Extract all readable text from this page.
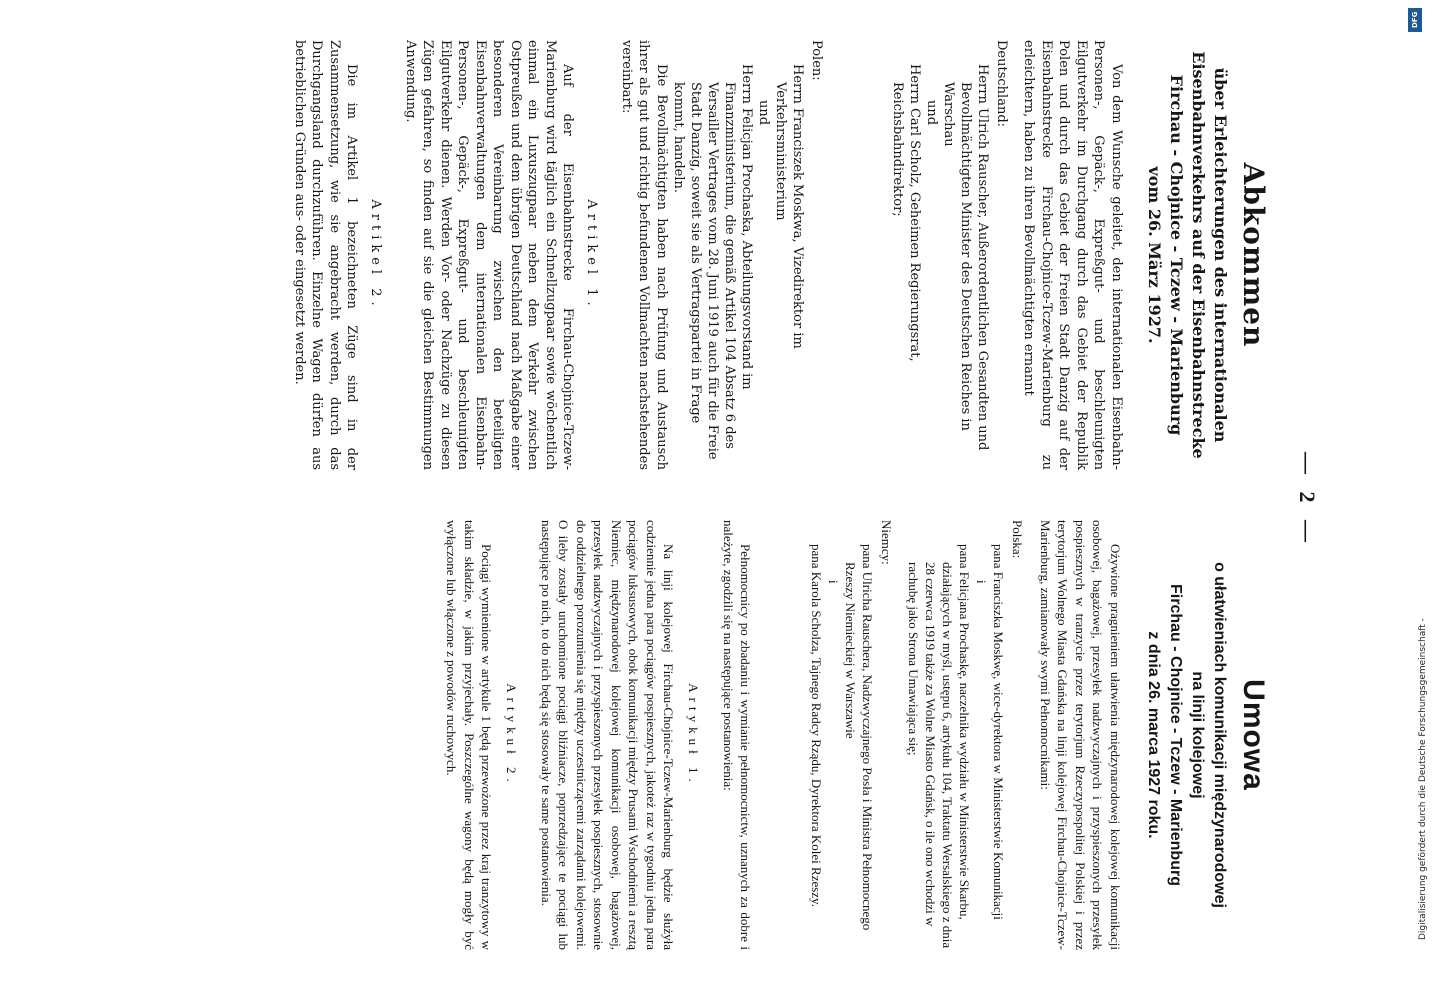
— 2 —
Abkommen
über Erleichterungen des internationalen
Eisenbahnverkehrs auf der Eisenbahnstrecke
Firchau - Chojnice - Tczew - Marienburg
vom 26. März 1927.

Von dem Wunsche geleitet, den internationalen Eisenbahn-Personen-, Gepäck-, Expreßgut- und beschleunigten Eilgutverkehr im Durchgang durch das Gebiet der Republik Polen und durch das Gebiet der Freien Stadt Danzig auf der Eisenbahnstrecke Firchau-Chojnice-Tczew-Marienburg zu erleichtern, haben zu ihren Bevollmächtigten ernannt

Deutschland:
Herrn Ulrich Rauscher, Außerordentlichen Gesandten und Bevollmächtigten Minister des Deutschen Reiches in Warschau
und
Herrn Carl Scholz, Geheimen Regierungsrat, Reichsbahndirektor;
Polen:
Herrn Franciszek Moskwa, Vizedirektor im Verkehrsministerium
und
Herrn Felicjan Prochaska, Abteilungsvorstand im Finanzministerium, die gemäß Artikel 104 Absatz 6 des Versailler Vertrages vom 28. Juni 1919 auch für die Freie Stadt Danzig, soweit sie als Vertragspartei in Frage kommt, handeln.

Die Bevollmächtigten haben nach Prüfung und Austausch ihrer als gut und richtig befundenen Vollmachten nachstehendes vereinbart:

Artikel 1.

Auf der Eisenbahnstrecke Firchau-Chojnice-Tczew-Marienburg wird täglich ein Schnellzugpaar sowie wöchentlich einmal ein Luxuszugpaar neben dem Verkehr zwischen Ostpreußen und dem übrigen Deutschland nach Maßgabe einer besonderen Vereinbarung zwischen den beteiligten Eisenbahnverwaltungen dem internationalen Eisenbahn-Personen-, Gepäck-, Expreßgut- und beschleunigten Eilgutverkehr dienen. Werden Vor- oder Nachzüge zu diesen Zügen gefahren, so finden auf sie die gleichen Bestimmungen Anwendung.

Artikel 2.

Die im Artikel 1 bezeichneten Züge sind in der Zusammensetzung, wie sie angebracht werden, durch das Durchgangsland durchzuführen. Einzelne Wagen dürfen aus betrieblichen Gründen aus- oder eingesetzt werden.

Umowa
o ułatwieniach komunikacji międzynarodowej
na linji kolejowej
Firchau - Chojnice - Tczew - Marienburg
z dnia 26. marca 1927 roku.

Ożywione pragnieniem ułatwienia międzynarodowej kolejowej komunikacji osobowej, bagażowej, przesyłek nadzwyczajnych i przyspieszonych przesyłek pospiesznych w tranzycie przez terytorjum Rzeczypospolitej Polskiej i przez terytorjum Wolnego Miasta Gdańska na linji kolejowej Firchau-Chojnice-Tczew-Marienburg, zamianowały swymi Pełnomocnikami:

Polska:
pana Franciszka Moskwę, wice-dyrektora w Ministerstwie Komunikacji
i
pana Felicjana Prochaskę, naczelnika wydziału w Ministerstwie Skarbu, działających w myśl, ustępu 6, artykułu 104, Traktatu Wersalskiego z dnia 28 czerwca 1919 także za Wolne Miasto Gdańsk, o ile ono wchodzi w rachubę jako Strona Umawiająca się;
Niemcy:
pana Ulricha Rauschera, Nadzwyczajnego Posła i Ministra Pełnomocnego Rzeszy Niemieckiej w Warszawie
i
pana Karola Scholza, Tajnego Radcy Rządu, Dyrektora Kolei Rzeszy.

Pełnomocnicy po zbadaniu i wymianie pełnomocnictw, uznanych za dobre i należyte, zgodzili się na następujące postanowienia:

Artykuł 1.

Na linji kolejowej Firchau-Chojnice-Tczew-Marienburg będzie służyła codziennie jedna para pociągów pospiesznych, jakoteż raz w tygodniu jedna para pociągów luksusowych, obok komunikacji między Prusami Wschodniemi a resztą Niemiec, międzynarodowej kolejowej komunikacji osobowej, bagażowej, przesyłek nadzwyczajnych i przyspieszonych przesyłek pospiesznych, stosownie do oddzielnego porozumienia się między uczestniczącemi zarządami kolejowemi. O ileby zostały uruchomione pociągi bliźniacze, poprzedzające te pociągi lub następujące po nich, to do nich będą się stosowały te same postanowienia.

Artykuł 2.

Pociągi wymienione w artykule 1 będą przewożone przez kraj tranzytowy w takim składzie, w jakim przyjechały. Poszczególne wagony będą mogły być wyłączone lub włączone z powodów ruchowych.

DFG
Digitalisierung gefördert durch die Deutsche Forschungsgemeinschaft -
